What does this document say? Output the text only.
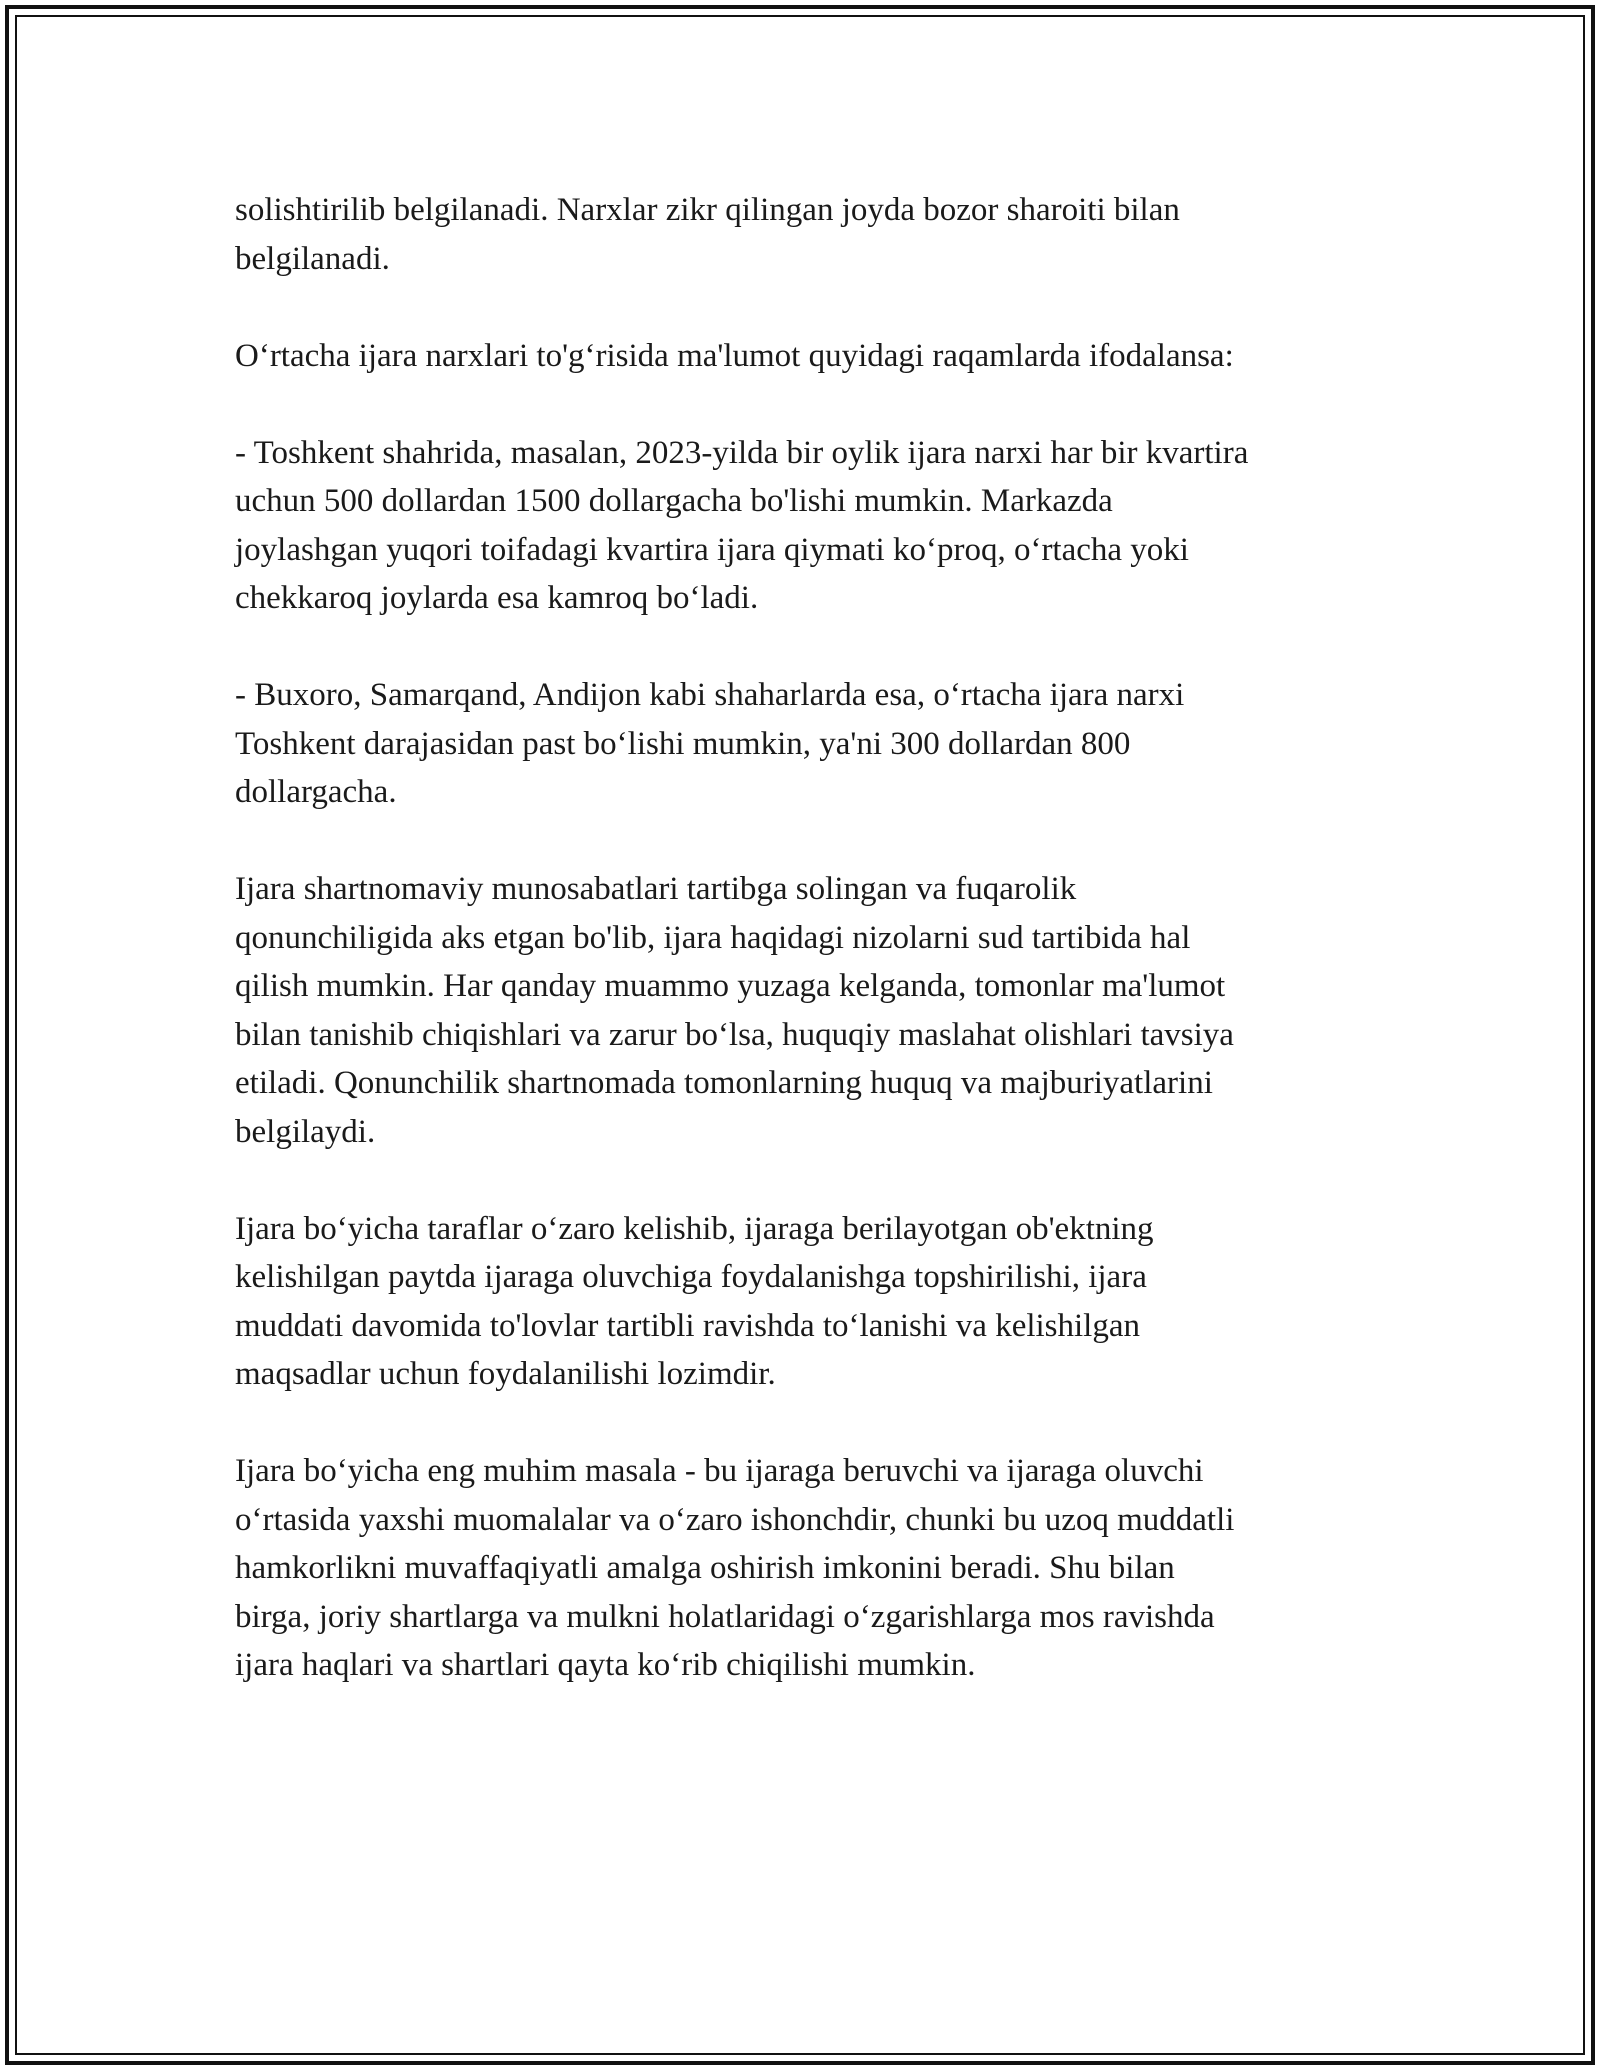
solishtirilib belgilanadi. Narxlar zikr qilingan joyda bozor sharoiti bilan
belgilanadi.

O‘rtacha ijara narxlari to'g‘risida ma'lumot quyidagi raqamlarda ifodalansa:

- Toshkent shahrida, masalan, 2023-yilda bir oylik ijara narxi har bir kvartira
uchun 500 dollardan 1500 dollargacha bo'lishi mumkin. Markazda
joylashgan yuqori toifadagi kvartira ijara qiymati ko‘proq, o‘rtacha yoki
chekkaroq joylarda esa kamroq bo‘ladi.

- Buxoro, Samarqand, Andijon kabi shaharlarda esa, o‘rtacha ijara narxi
Toshkent darajasidan past bo‘lishi mumkin, ya'ni 300 dollardan 800
dollargacha.

Ijara shartnomaviy munosabatlari tartibga solingan va fuqarolik
qonunchiligida aks etgan bo'lib, ijara haqidagi nizolarni sud tartibida hal
qilish mumkin. Har qanday muammo yuzaga kelganda, tomonlar ma'lumot
bilan tanishib chiqishlari va zarur bo‘lsa, huquqiy maslahat olishlari tavsiya
etiladi. Qonunchilik shartnomada tomonlarning huquq va majburiyatlarini
belgilaydi.

Ijara bo‘yicha taraflar o‘zaro kelishib, ijaraga berilayotgan ob'ektning
kelishilgan paytda ijaraga oluvchiga foydalanishga topshirilishi, ijara
muddati davomida to'lovlar tartibli ravishda to‘lanishi va kelishilgan
maqsadlar uchun foydalanilishi lozimdir.

Ijara bo‘yicha eng muhim masala - bu ijaraga beruvchi va ijaraga oluvchi
o‘rtasida yaxshi muomalalar va o‘zaro ishonchdir, chunki bu uzoq muddatli
hamkorlikni muvaffaqiyatli amalga oshirish imkonini beradi. Shu bilan
birga, joriy shartlarga va mulkni holatlaridagi o‘zgarishlarga mos ravishda
ijara haqlari va shartlari qayta ko‘rib chiqilishi mumkin.
